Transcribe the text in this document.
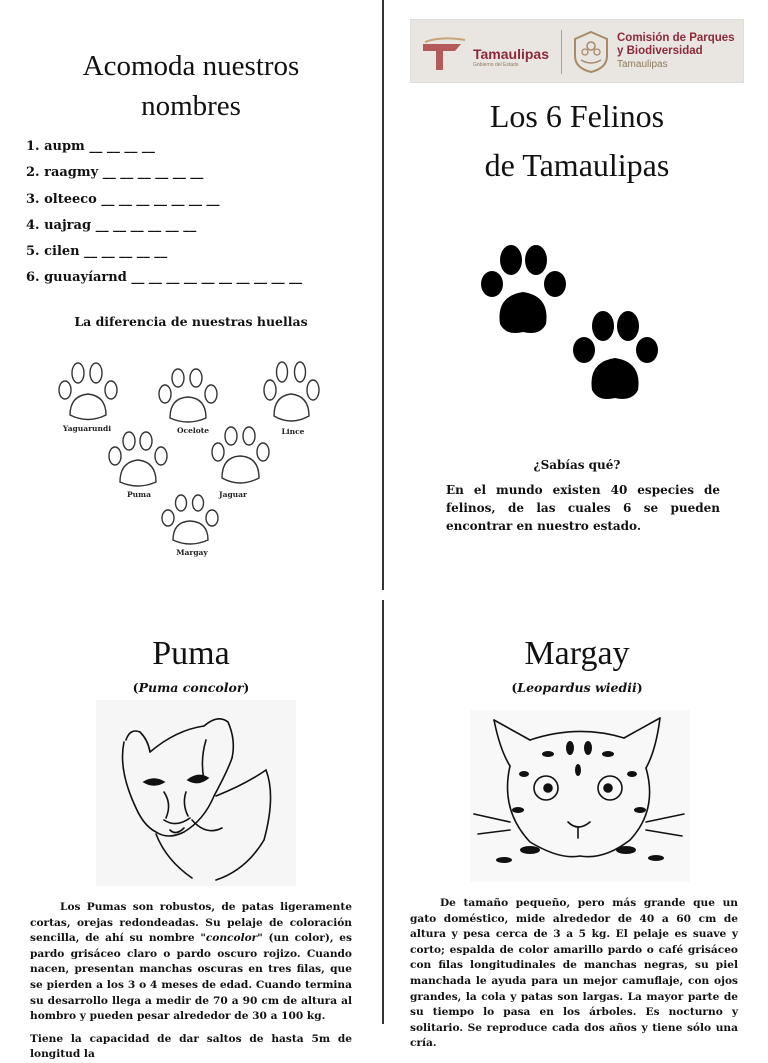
Acomoda nuestros
nombres
1. aupm __ __ __ __
2. raagmy __ __ __ __ __ __
3. olteeco __ __ __ __ __ __ __
4. uajrag __ __ __ __ __ __
5. cilen __ __ __ __ __
6. guuayíarnd __ __ __ __ __ __ __ __ __ __
La diferencia de nuestras huellas
Yaguarundi	Ocelote	Lince
Puma	Jaguar
Margay
Tamaulipas
Gobierno del Estado
Comisión de Parques
y Biodiversidad
Tamaulipas
Los 6 Felinos
de Tamaulipas
¿Sabías qué?
En el mundo existen 40 especies de felinos, de las cuales 6 se pueden encontrar en nuestro estado.
Puma
(Puma concolor)

Los Pumas son robustos, de patas ligeramente cortas, orejas redondeadas. Su pelaje de coloración sencilla, de ahí su nombre "concolor" (un color), es pardo grisáceo claro o pardo oscuro rojizo. Cuando nacen, presentan manchas oscuras en tres filas, que se pierden a los 3 o 4 meses de edad. Cuando termina su desarrollo llega a medir de 70 a 90 cm de altura al hombro y pueden pesar alrededor de 30 a 100 kg.

Tiene la capacidad de dar saltos de hasta 5m de longitud la

Margay
(Leopardus wiedii)

De tamaño pequeño, pero más grande que un gato doméstico, mide alrededor de 40 a 60 cm de altura y pesa cerca de 3 a 5 kg. El pelaje es suave y corto; espalda de color amarillo pardo o café grisáceo con filas longitudinales de manchas negras, su piel manchada le ayuda para un mejor camuflaje, con ojos grandes, la cola y patas son largas. La mayor parte de su tiempo lo pasa en los árboles. Es nocturno y solitario. Se reproduce cada dos años y tiene sólo una cría.
